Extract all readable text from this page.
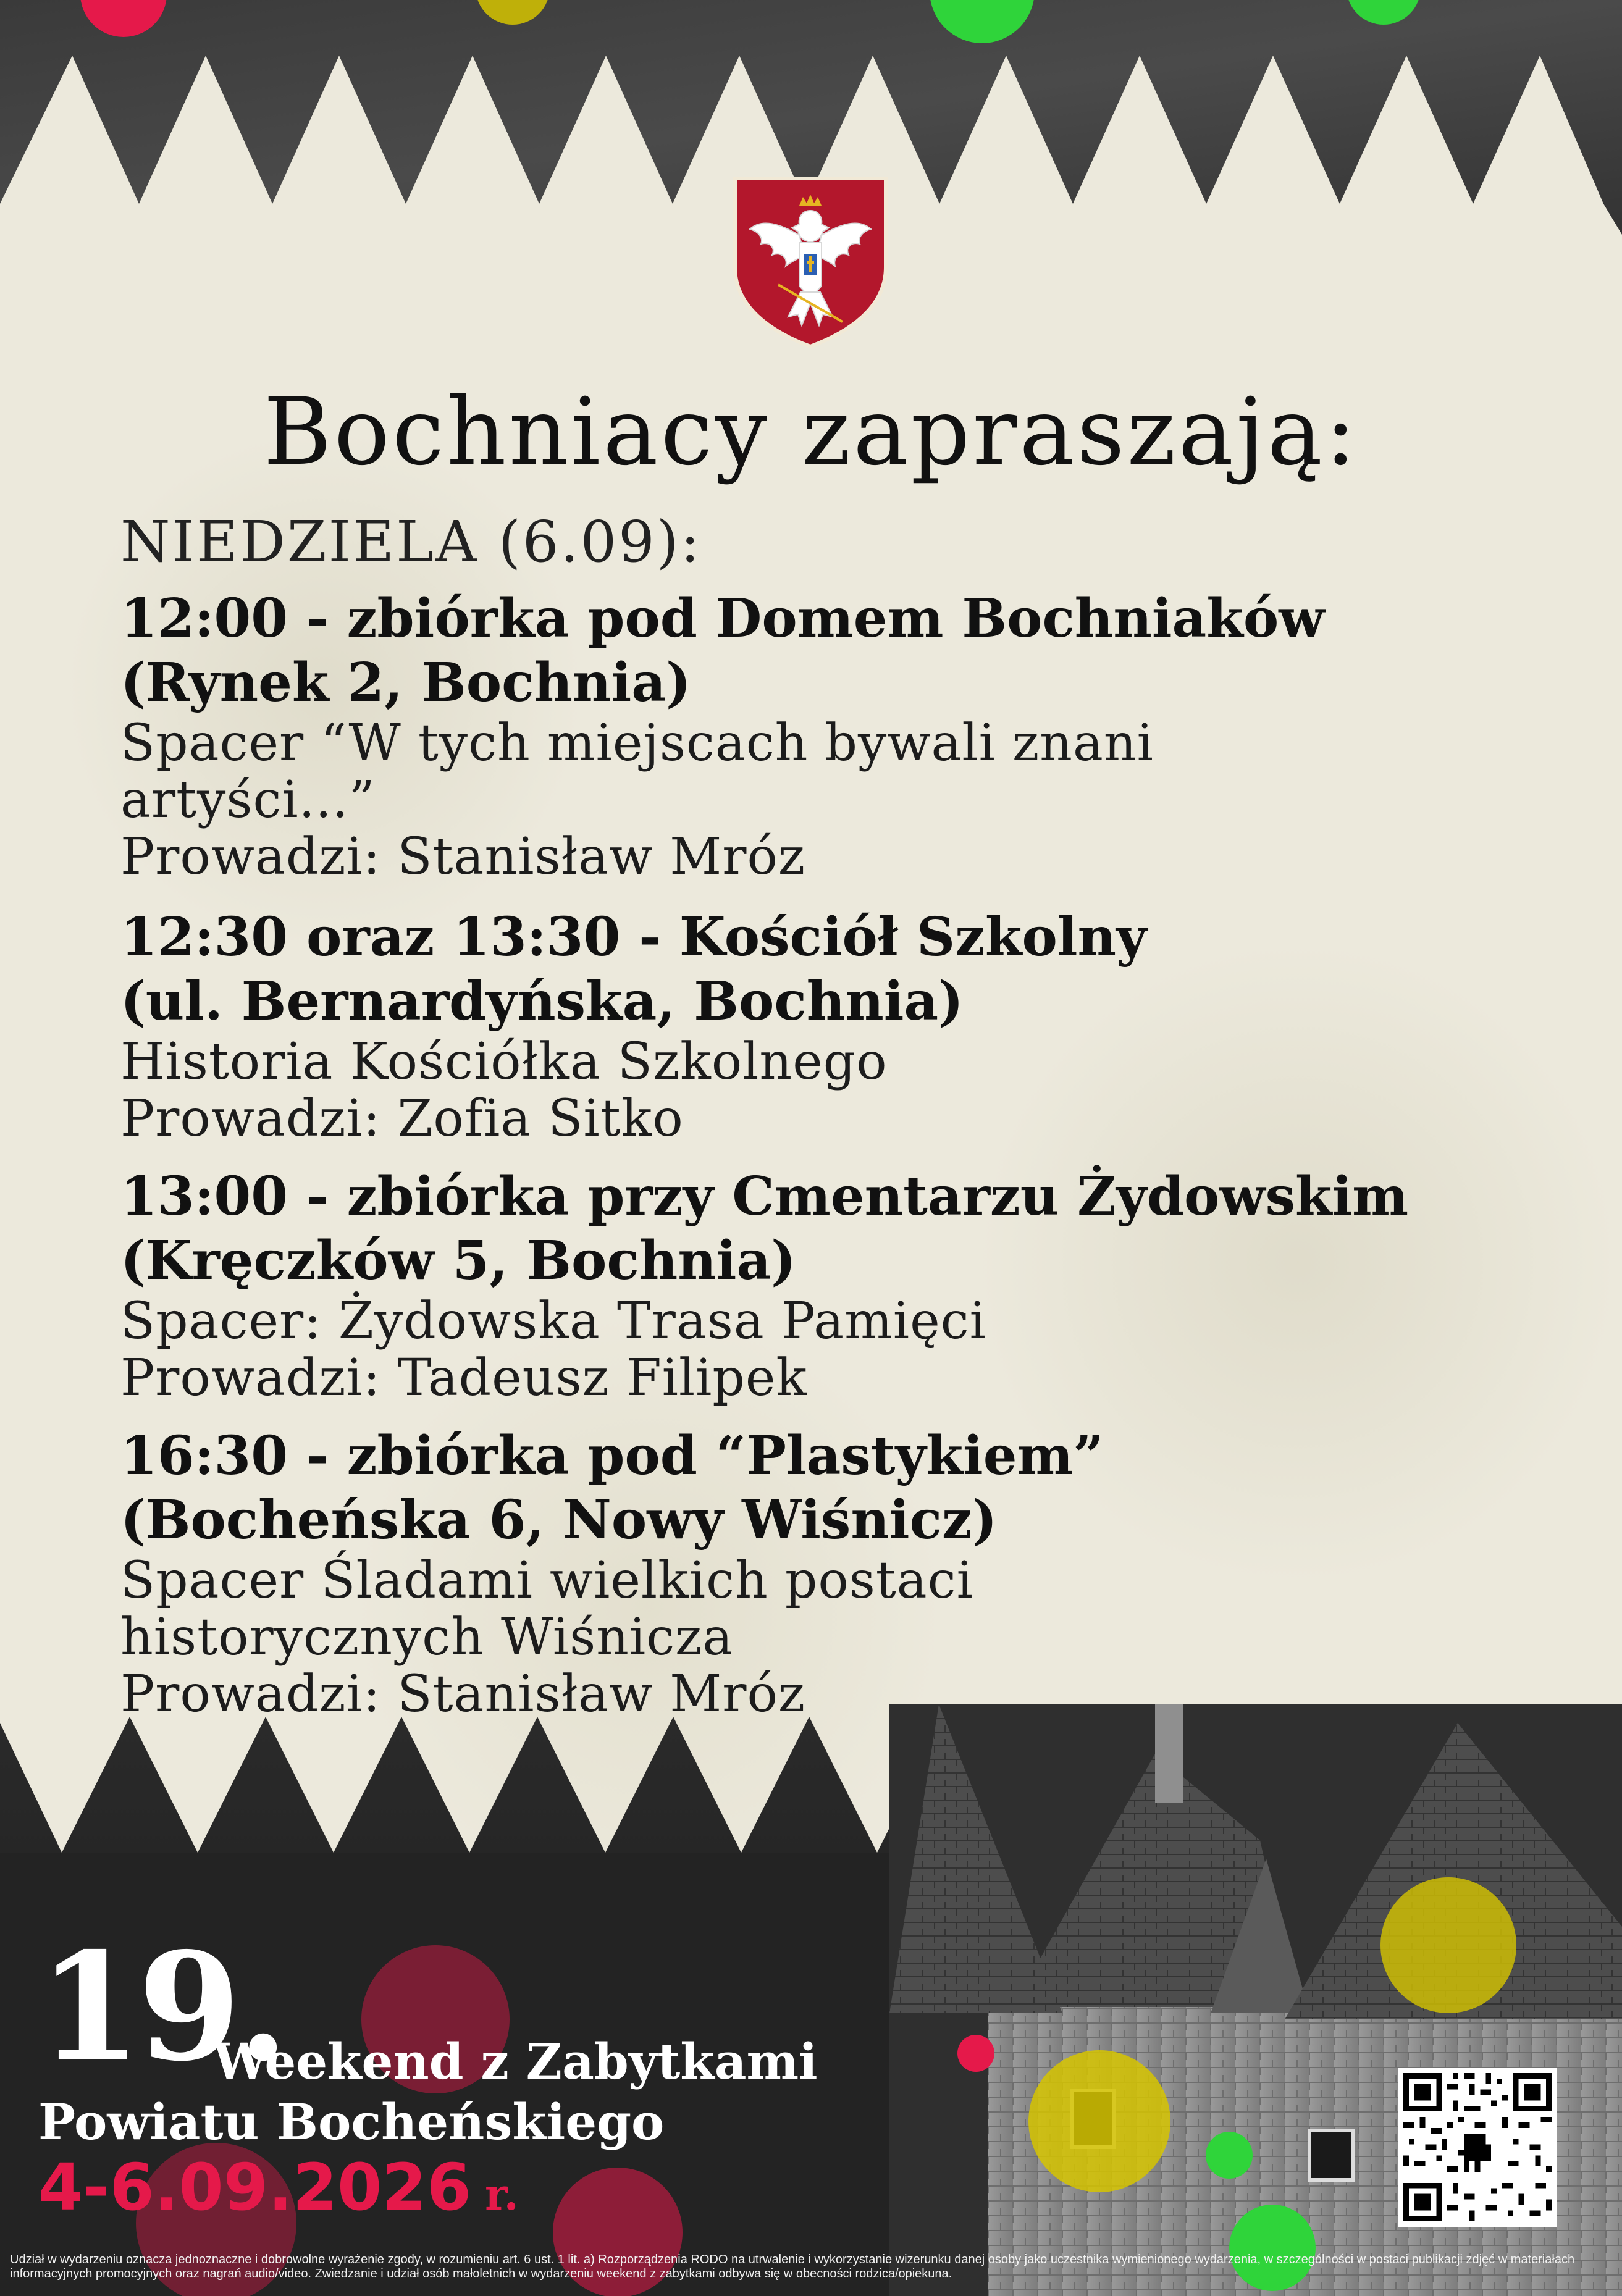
Bochniacy zapraszają:
NIEDZIELA (6.09):
12:00 - zbiórka pod Domem Bochniaków
(Rynek 2, Bochnia)
Spacer “W tych miejscach bywali znani
artyści...”
Prowadzi: Stanisław Mróz
12:30 oraz 13:30 - Kościół Szkolny
(ul. Bernardyńska, Bochnia)
Historia Kościółka Szkolnego
Prowadzi: Zofia Sitko
13:00 - zbiórka przy Cmentarzu Żydowskim
(Kręczków 5, Bochnia)
Spacer: Żydowska Trasa Pamięci
Prowadzi: Tadeusz Filipek
16:30 - zbiórka pod “Plastykiem”
(Bocheńska 6, Nowy Wiśnicz)
Spacer Śladami wielkich postaci
historycznych Wiśnicza
Prowadzi: Stanisław Mróz
19.
Weekend z Zabytkami
Powiatu Bocheńskiego
4-6.09.2026 r.
Udział w wydarzeniu oznacza jednoznaczne i dobrowolne wyrażenie zgody, w rozumieniu art. 6 ust. 1 lit. a) Rozporządzenia RODO na utrwalenie i wykorzystanie wizerunku danej osoby jako uczestnika wymienionego wydarzenia, w szczególności w postaci publikacji zdjęć w materiałach informacyjnych promocyjnych oraz nagrań audio/video. Zwiedzanie i udział osób małoletnich w wydarzeniu weekend z zabytkami odbywa się w obecności rodzica/opiekuna.
